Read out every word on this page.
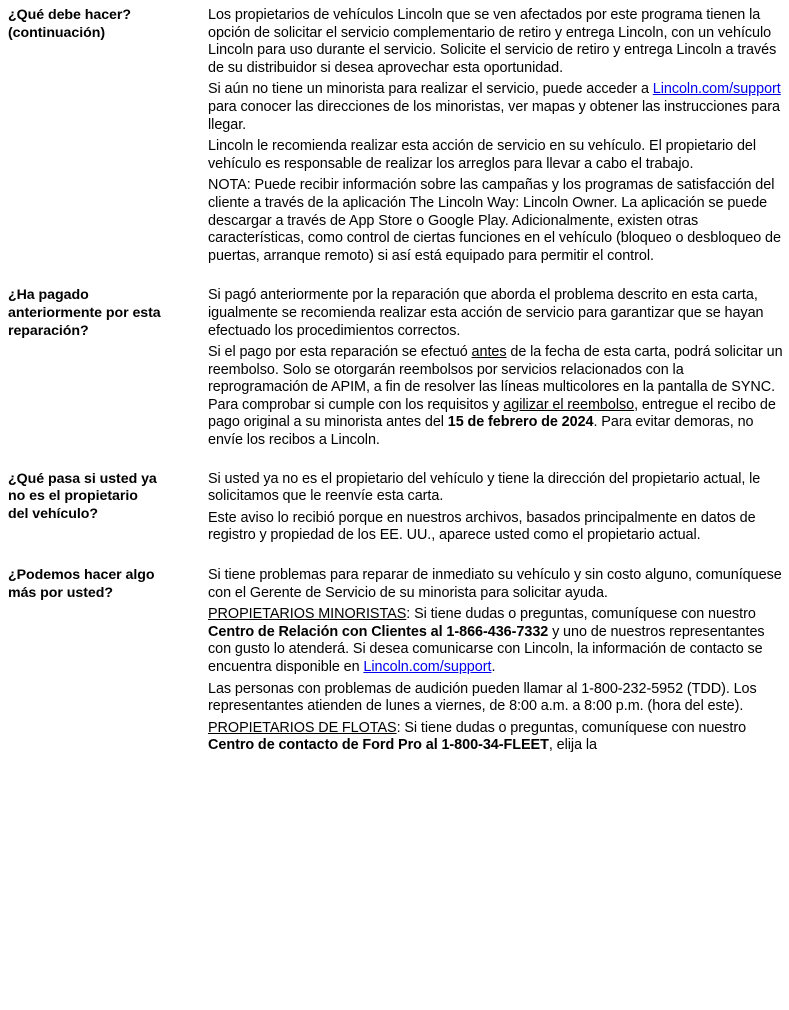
¿Qué debe hacer?
(continuación)

Los propietarios de vehículos Lincoln que se ven afectados por este programa tienen la opción de solicitar el servicio complementario de retiro y entrega Lincoln, con un vehículo Lincoln para uso durante el servicio. Solicite el servicio de retiro y entrega Lincoln a través de su distribuidor si desea aprovechar esta oportunidad.

Si aún no tiene un minorista para realizar el servicio, puede acceder a Lincoln.com/support para conocer las direcciones de los minoristas, ver mapas y obtener las instrucciones para llegar.

Lincoln le recomienda realizar esta acción de servicio en su vehículo. El propietario del vehículo es responsable de realizar los arreglos para llevar a cabo el trabajo.

NOTA: Puede recibir información sobre las campañas y los programas de satisfacción del cliente a través de la aplicación The Lincoln Way: Lincoln Owner. La aplicación se puede descargar a través de App Store o Google Play. Adicionalmente, existen otras características, como control de ciertas funciones en el vehículo (bloqueo o desbloqueo de puertas, arranque remoto) si así está equipado para permitir el control.

¿Ha pagado
anteriormente por esta
reparación?

Si pagó anteriormente por la reparación que aborda el problema descrito en esta carta, igualmente se recomienda realizar esta acción de servicio para garantizar que se hayan efectuado los procedimientos correctos.

Si el pago por esta reparación se efectuó antes de la fecha de esta carta, podrá solicitar un reembolso. Solo se otorgarán reembolsos por servicios relacionados con la reprogramación de APIM, a fin de resolver las líneas multicolores en la pantalla de SYNC. Para comprobar si cumple con los requisitos y agilizar el reembolso, entregue el recibo de pago original a su minorista antes del 15 de febrero de 2024. Para evitar demoras, no envíe los recibos a Lincoln.

¿Qué pasa si usted ya
no es el propietario
del vehículo?

Si usted ya no es el propietario del vehículo y tiene la dirección del propietario actual, le solicitamos que le reenvíe esta carta.

Este aviso lo recibió porque en nuestros archivos, basados principalmente en datos de registro y propiedad de los EE. UU., aparece usted como el propietario actual.

¿Podemos hacer algo
más por usted?

Si tiene problemas para reparar de inmediato su vehículo y sin costo alguno, comuníquese con el Gerente de Servicio de su minorista para solicitar ayuda.

PROPIETARIOS MINORISTAS: Si tiene dudas o preguntas, comuníquese con nuestro Centro de Relación con Clientes al 1-866-436-7332 y uno de nuestros representantes con gusto lo atenderá. Si desea comunicarse con Lincoln, la información de contacto se encuentra disponible en Lincoln.com/support.

Las personas con problemas de audición pueden llamar al 1-800-232-5952 (TDD). Los representantes atienden de lunes a viernes, de 8:00 a.m. a 8:00 p.m. (hora del este).

PROPIETARIOS DE FLOTAS: Si tiene dudas o preguntas, comuníquese con nuestro Centro de contacto de Ford Pro al 1-800-34-FLEET, elija la
